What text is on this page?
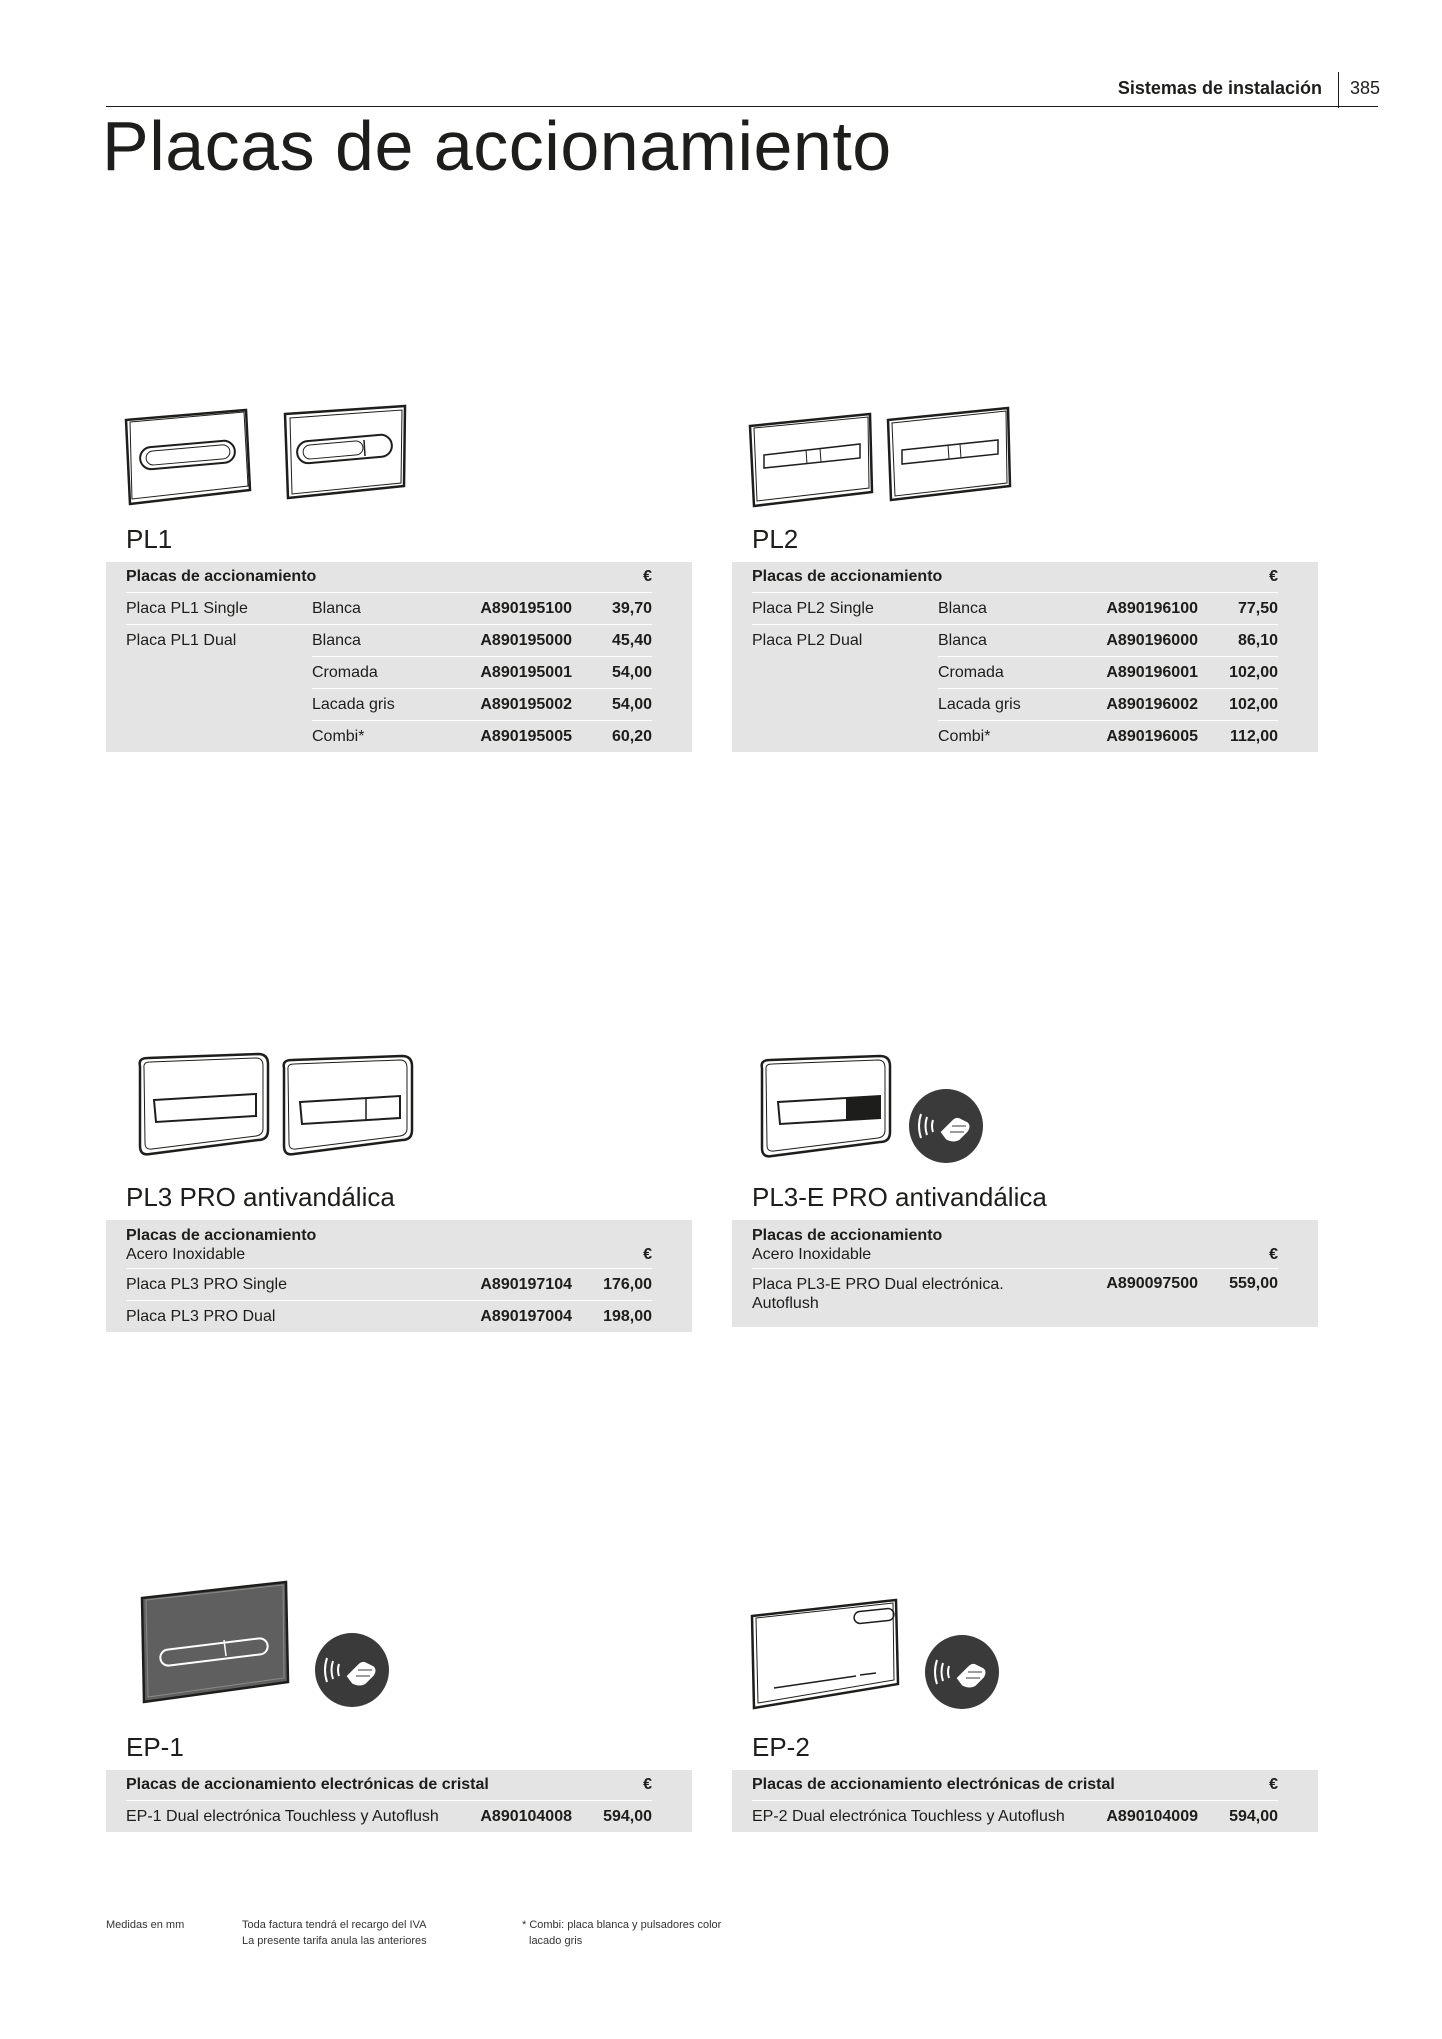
Sistemas de instalación 385
Placas de accionamiento
PL1
	Placas de accionamiento			€	
	Placa PL1 Single	Blanca	A890195100	39,70	
	Placa PL1 Dual	Blanca	A890195000	45,40	
		Cromada	A890195001	54,00	
		Lacada gris	A890195002	54,00	
		Combi*	A890195005	60,20	
PL2
	Placas de accionamiento			€	
	Placa PL2 Single	Blanca	A890196100	77,50	
	Placa PL2 Dual	Blanca	A890196000	86,10	
		Cromada	A890196001	102,00	
		Lacada gris	A890196002	102,00	
		Combi*	A890196005	112,00	
PL3 PRO antivandálica
	Placas de accionamiento			
	Acero Inoxidable		€	
	Placa PL3 PRO Single	A890197104	176,00	
	Placa PL3 PRO Dual	A890197004	198,00	
PL3-E PRO antivandálica
	Placas de accionamiento			
	Acero Inoxidable		€	

	Placa PL3-E PRO Dual electrónica.
Autoflush	A890097500	559,00	
EP-1
	Placas de accionamiento electrónicas de cristal		€	
	EP-1 Dual electrónica Touchless y Autoflush	A890104008	594,00	
EP-2
	Placas de accionamiento electrónicas de cristal		€	
	EP-2 Dual electrónica Touchless y Autoflush	A890104009	594,00	
Medidas en mm	Toda factura tendrá el recargo del IVA
La presente tarifa anula las anteriores
* Combi: placa blanca y pulsadores color
lacado gris
